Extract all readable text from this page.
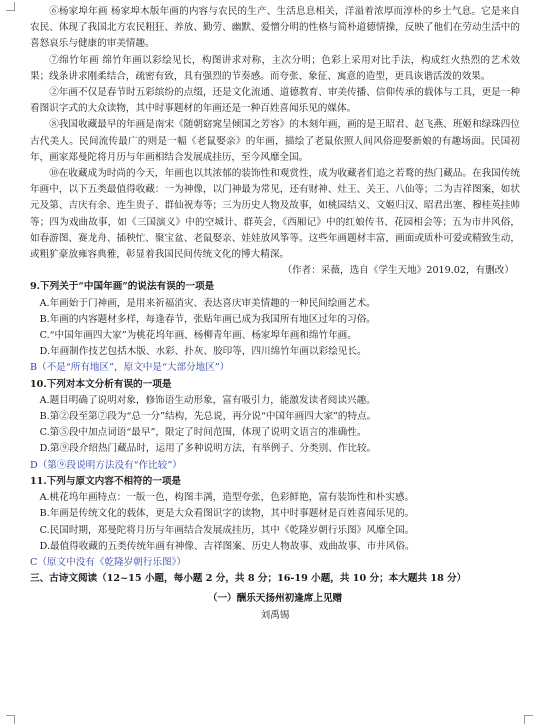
⑥杨家埠年画 杨家埠木版年画的内容与农民的生产、生活息息相关，洋溢着浓厚而淳朴的乡土气息。它是来自农民、体现了我国北方农民粗狂、养放、勤劳、幽默、爱憎分明的性格与简朴道德情操，反映了他们在劳动生活中的喜怒哀乐与健康的审美情趣。

⑦绵竹年画 绵竹年画以彩绘见长，构图讲求对称，主次分明；色彩上采用对比手法，构成红火热烈的艺术效果；线条讲求刚柔结合，疏密有致，具有强烈的节奏感。而夸张、象征、寓意的造型，更具诙谐活泼的效果。

②年画不仅是春节时五彩缤纷的点缀，还是文化流通、道德教育、审美传播、信仰传承的载体与工具，更是一种看图识字式的大众读物，其中时事题材的年画还是一种百姓喜闻乐见的媒体。

⑧我国收藏最早的年画是南宋《随朝窈窕呈倾国之芳容》的木刻年画，画的是王昭君、赵飞燕、班姬和绿珠四位古代美人。民间流传最广的则是一幅《老鼠娶亲》的年画，描绘了老鼠依照人间风俗迎娶新娘的有趣场面。民国初年，画家郑曼陀将月历与年画相结合发展成挂历，至今风靡全国。

⑩在收藏成为时尚的今天，年画也以其浓郁的装饰性和观赏性，成为收藏者们追之若鹜的热门藏品。在我国传统年画中，以下五类最值得收藏：一为神像，以门神最为常见，还有财神、灶王、关王、八仙等；二为吉祥图案，如状元及第、吉庆有余、连生贵子、群仙祝寿等；三为历史人物及故事，如桃园结义、文姬归汉、昭君出塞、穆桂英挂帅等；四为戏曲故事，如《三国演义》中的空城计、群英会，《西厢记》中的红娘传书、花园相会等；五为市井风俗，如春游图、赛龙舟、插秧忙、聚宝盆、老鼠娶亲、娃娃放风筝等。这些年画题材丰富，画面或质朴可爱或精致生动，或粗犷豪放雍容典雅，彰显着我国民间传统文化的博大精深。

（作者：采薇，选自《学生天地》2019.02，有删改）

9.下列关于“中国年画”的说法有误的一项是

A.年画始于门神画，是用来祈福消灾、表达喜庆审美情趣的一种民间绘画艺术。

B.年画的内容题材多样，每逢春节，张贴年画已成为我国所有地区过年的习俗。

C.“中国年画四大家”为桃花坞年画、杨柳青年画、杨家埠年画和绵竹年画。

D.年画制作技艺包括木版、水彩、扑灰、胶印等，四川绵竹年画以彩绘见长。

B（不是“所有地区”，原文中是“大部分地区”）

10.下列对本文分析有误的一项是

A.题目明确了说明对象，修饰语生动形象，富有吸引力，能激发读者阅读兴趣。

B.第②段至第⑦段为“总一分”结构，先总说，再分说“中国年画四大家”的特点。

C.第⑤段中加点词语“最早”，限定了时间范围，体现了说明文语言的准确性。

D.第⑨段介绍热门藏品时，运用了多种说明方法，有举例子、分类别、作比较。

D（第⑨段说明方法没有“作比较”）

11.下列与原文内容不相符的一项是

A.桃花坞年画特点：一版一色，构图丰满，造型夸张，色彩鲜艳，富有装饰性和朴实感。

B.年画是传统文化的载体，更是大众看图识字的读物，其中时事题材是百姓喜闻乐见的。

C.民国时期，郑曼陀将月历与年画结合发展成挂历，其中《乾隆岁朝行乐图》风靡全国。

D.最值得收藏的五类传统年画有神像、吉祥图案、历史人物故事、戏曲故事、市井风俗。

C（原文中没有《乾隆岁朝行乐图》）

三、古诗文阅读（12~15 小题，每小题 2 分，共 8 分；16-19 小题，共 10 分；本大题共 18 分）

（一）酬乐天扬州初逢席上见赠

刘禹锡
